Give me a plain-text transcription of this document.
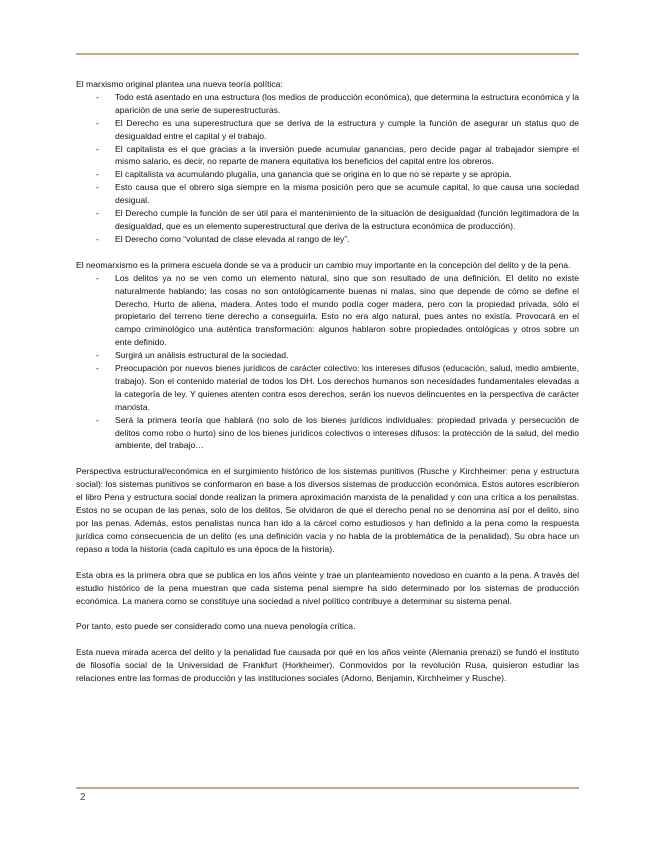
El marxismo original plantea una nueva teoría política:

- Todo está asentado en una estructura (los medios de producción económica), que determina la estructura económica y la aparición de una serie de superestructuras.
- El Derecho es una superestructura que se deriva de la estructura y cumple la función de asegurar un status quo de desigualdad entre el capital y el trabajo.
- El capitalista es el que gracias a la inversión puede acumular ganancias, pero decide pagar al trabajador siempre el mismo salario, es decir, no reparte de manera equitativa los beneficios del capital entre los obreros.
- El capitalista va acumulando plugalía, una ganancia que se origina en lo que no se reparte y se apropia.
- Esto causa que el obrero siga siempre en la misma posición pero que se acumule capital, lo que causa una sociedad desigual.
- El Derecho cumple la función de ser útil para el mantenimiento de la situación de desigualdad (función legitimadora de la desigualdad, que es un elemento superestructural que deriva de la estructura económica de producción).
- El Derecho como “voluntad de clase elevada al rango de ley”.

El neomarxismo es la primera escuela donde se va a producir un cambio muy importante en la concepción del delito y de la pena.

- Los delitos ya no se ven como un elemento natural, sino que son resultado de una definición. El delito no existe naturalmente hablando; las cosas no son ontológicamente buenas ni malas, sino que depende de cómo se define el Derecho. Hurto de aliena, madera. Antes todo el mundo podía coger madera, pero con la propiedad privada, sólo el propietario del terreno tiene derecho a conseguirla. Esto no era algo natural, pues antes no existía. Provocará en el campo criminológico una auténtica transformación: algunos hablaron sobre propiedades ontológicas y otros sobre un ente definido.
- Surgirá un análisis estructural de la sociedad.
- Preocupación por nuevos bienes jurídicos de carácter colectivo: los intereses difusos (educación, salud, medio ambiente, trabajo). Son el contenido material de todos los DH. Los derechos humanos son necesidades fundamentales elevadas a la categoría de ley. Y quienes atenten contra esos derechos, serán los nuevos delincuentes en la perspectiva de carácter marxista.
- Será la primera teoría que hablará (no solo de los bienes jurídicos individuales: propiedad privada y persecución de delitos como robo o hurto) sino de los bienes jurídicos colectivos o intereses difusos: la protección de la salud, del medio ambiente, del trabajo…

Perspectiva estructural/económica en el surgimiento histórico de los sistemas punitivos (Rusche y Kirchheimer: pena y estructura social): los sistemas punitivos se conformaron en base a los diversos sistemas de producción económica. Estos autores escribieron el libro Pena y estructura social donde realizan la primera aproximación marxista de la penalidad y con una crítica a los penalistas. Estos no se ocupan de las penas, solo de los delitos. Se olvidaron de que el derecho penal no se denomina así por el delito, sino por las penas. Además, estos penalistas nunca han ido a la cárcel como estudiosos y han definido a la pena como la respuesta jurídica como consecuencia de un delito (es una definición vacía y no habla de la problemática de la penalidad). Su obra hace un repaso a toda la historia (cada capítulo es una época de la historia).

Esta obra es la primera obra que se publica en los años veinte y trae un planteamiento novedoso en cuanto a la pena. A través del estudio histórico de la pena muestran que cada sistema penal siempre ha sido determinado por los sistemas de producción económica. La manera como se constituye una sociedad a nivel político contribuye a determinar su sistema penal.

Por tanto, esto puede ser considerado como una nueva penología crítica.

Esta nueva mirada acerca del delito y la penalidad fue causada por qué en los años veinte (Alemania prenazi) se fundó el instituto de filosofía social de la Universidad de Frankfurt (Horkheimer). Conmovidos por la revolución Rusa, quisieron estudiar las relaciones entre las formas de producción y las instituciones sociales (Adorno, Benjamin, Kirchheimer y Rusche).

2
